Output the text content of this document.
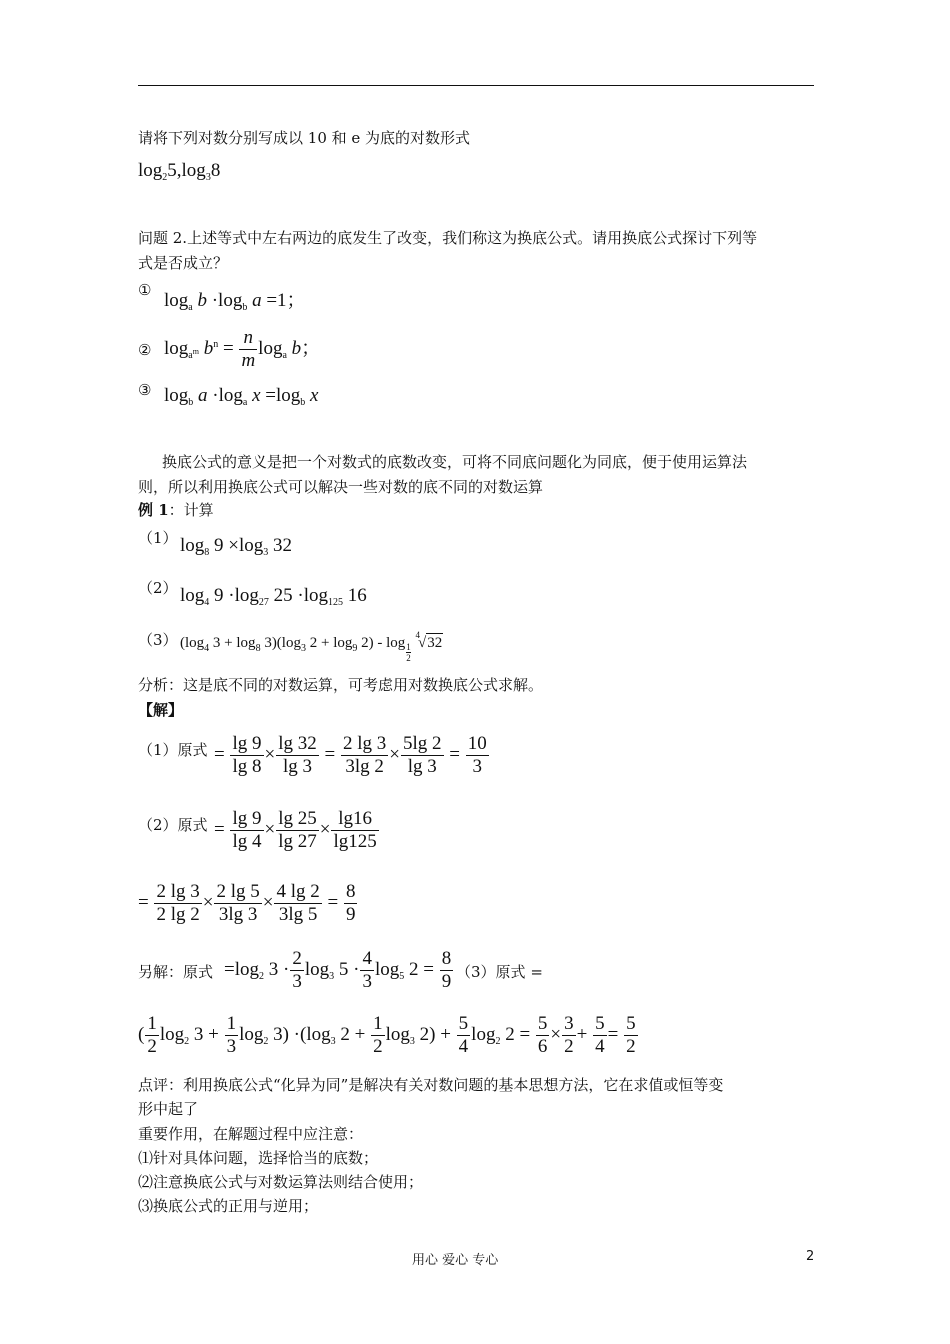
请将下列对数分别写成以 10 和 e 为底的对数形式
$\log_25,\log_38$
问题 2.上述等式中左右两边的底发生了改变，我们称这为换底公式。请用换底公式探讨下列等
式是否成立？
① $\log_a b \cdot\log_b$ a =1；
② $\log_{a^m} b^n = \frac{n}{m} \log_a b$；
③ $\log_b a \cdot\log_a$ $x =\log_b$ x
换底公式的意义是把一个对数式的底数改变，可将不同底问题化为同底，便于使用运算法
则，所以利用换底公式可以解决一些对数的底不同的对数运算
例 1：计算
（1） $\log_8 9 \times\log_3$ 32
（2） $\log_4 9 \cdot\log_{27}$ $25 \cdot\log_{125}$ 16
（3） ($\log_4$ $3 + \log_8 3)(\log_3$ $2 + \log_9 2) - \log \frac{1}{2}$
$^4$√32
分析：这是底不同的对数运算，可考虑用对数换底公式求解。
【解】
（1）原式 = $\frac{\lg 9}{\lg 8} \times \frac{\lg 32}{\lg 3} = \frac{2 \lg 3}{3\lg 2} \times \frac{5\lg 2}{\lg 3} = \frac{10}{3}$
（2）原式 = $\frac{\lg 9}{\lg 4} \times \frac{\lg 25}{\lg 27} \times \frac{\lg 16}{\lg 125}$
= $\frac{2 \lg 3}{2 \lg 2} \times \frac{2 \lg 5}{3\lg 3} \times \frac{4 \lg 2}{3\lg 5} = \frac{8}{9}$
另解：原式 $=\log_2$ $3 \cdot \frac{2}{3} \log_3 5 \cdot \frac{4}{3} \log_5 2 = \frac{8}{9} (3)$原式 =
( $\frac{1}{2} \log_2 3 + \frac{1}{3} \log_2 3) \cdot(\log_3$ $2 + \frac{1}{2} \log_3 2) + \frac{5}{4} \log_2 2 = \frac{5}{6} \times \frac{3}{2} + \frac{5}{4} = \frac{5}{2}$
点评：利用换底公式“化异为同”是解决有关对数问题的基本思想方法，它在求值或恒等变
形中起了
重要作用，在解题过程中应注意：
⑴针对具体问题，选择恰当的底数；
⑵注意换底公式与对数运算法则结合使用；
⑶换底公式的正用与逆用；
用心 爱心 专心	2
